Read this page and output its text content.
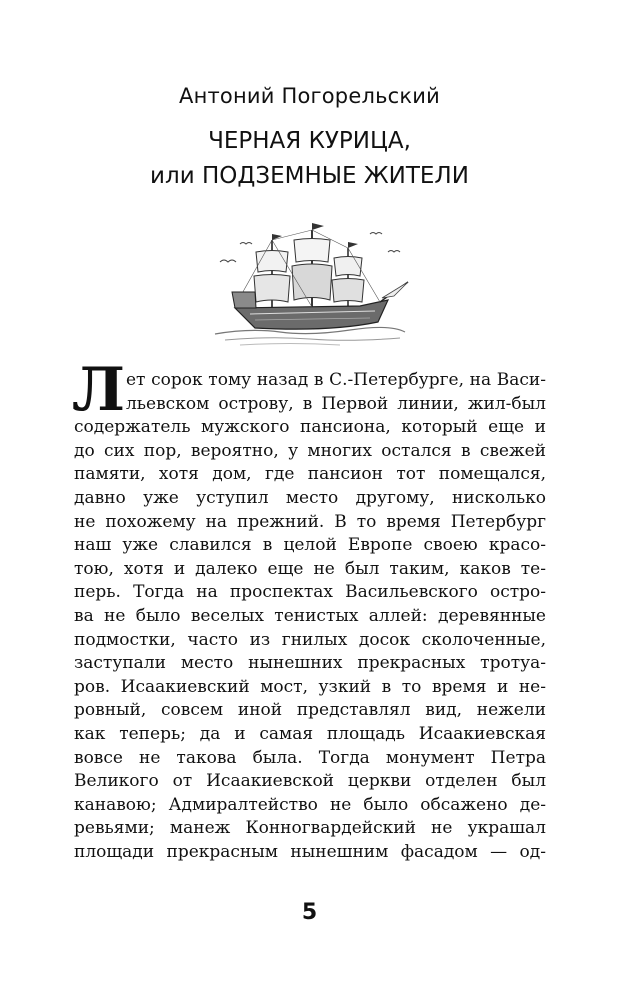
Антоний Погорельский
ЧЕРНАЯ КУРИЦА,
или ПОДЗЕМНЫЕ ЖИТЕЛИ
Л ет сорок тому назад в С.-Петербурге, на Васи-
льевском острову, в Первой линии, жил-был
содержатель мужского пансиона, который еще и
до сих пор, вероятно, у многих остался в свежей
памяти, хотя дом, где пансион тот помещался,
давно уже уступил место другому, нисколько
не похожему на прежний. В то время Петербург
наш уже славился в целой Европе своею красо-
тою, хотя и далеко еще не был таким, каков те-
перь. Тогда на проспектах Васильевского остро-
ва не было веселых тенистых аллей: деревянные
подмостки, часто из гнилых досок сколоченные,
заступали место нынешних прекрасных тротуа-
ров. Исаакиевский мост, узкий в то время и не-
ровный, совсем иной представлял вид, нежели
как теперь; да и самая площадь Исаакиевская
вовсе не такова была. Тогда монумент Петра
Великого от Исаакиевской церкви отделен был
канавою; Адмиралтейство не было обсажено де-
ревьями; манеж Конногвардейский не украшал
площади прекрасным нынешним фасадом — од-
5
